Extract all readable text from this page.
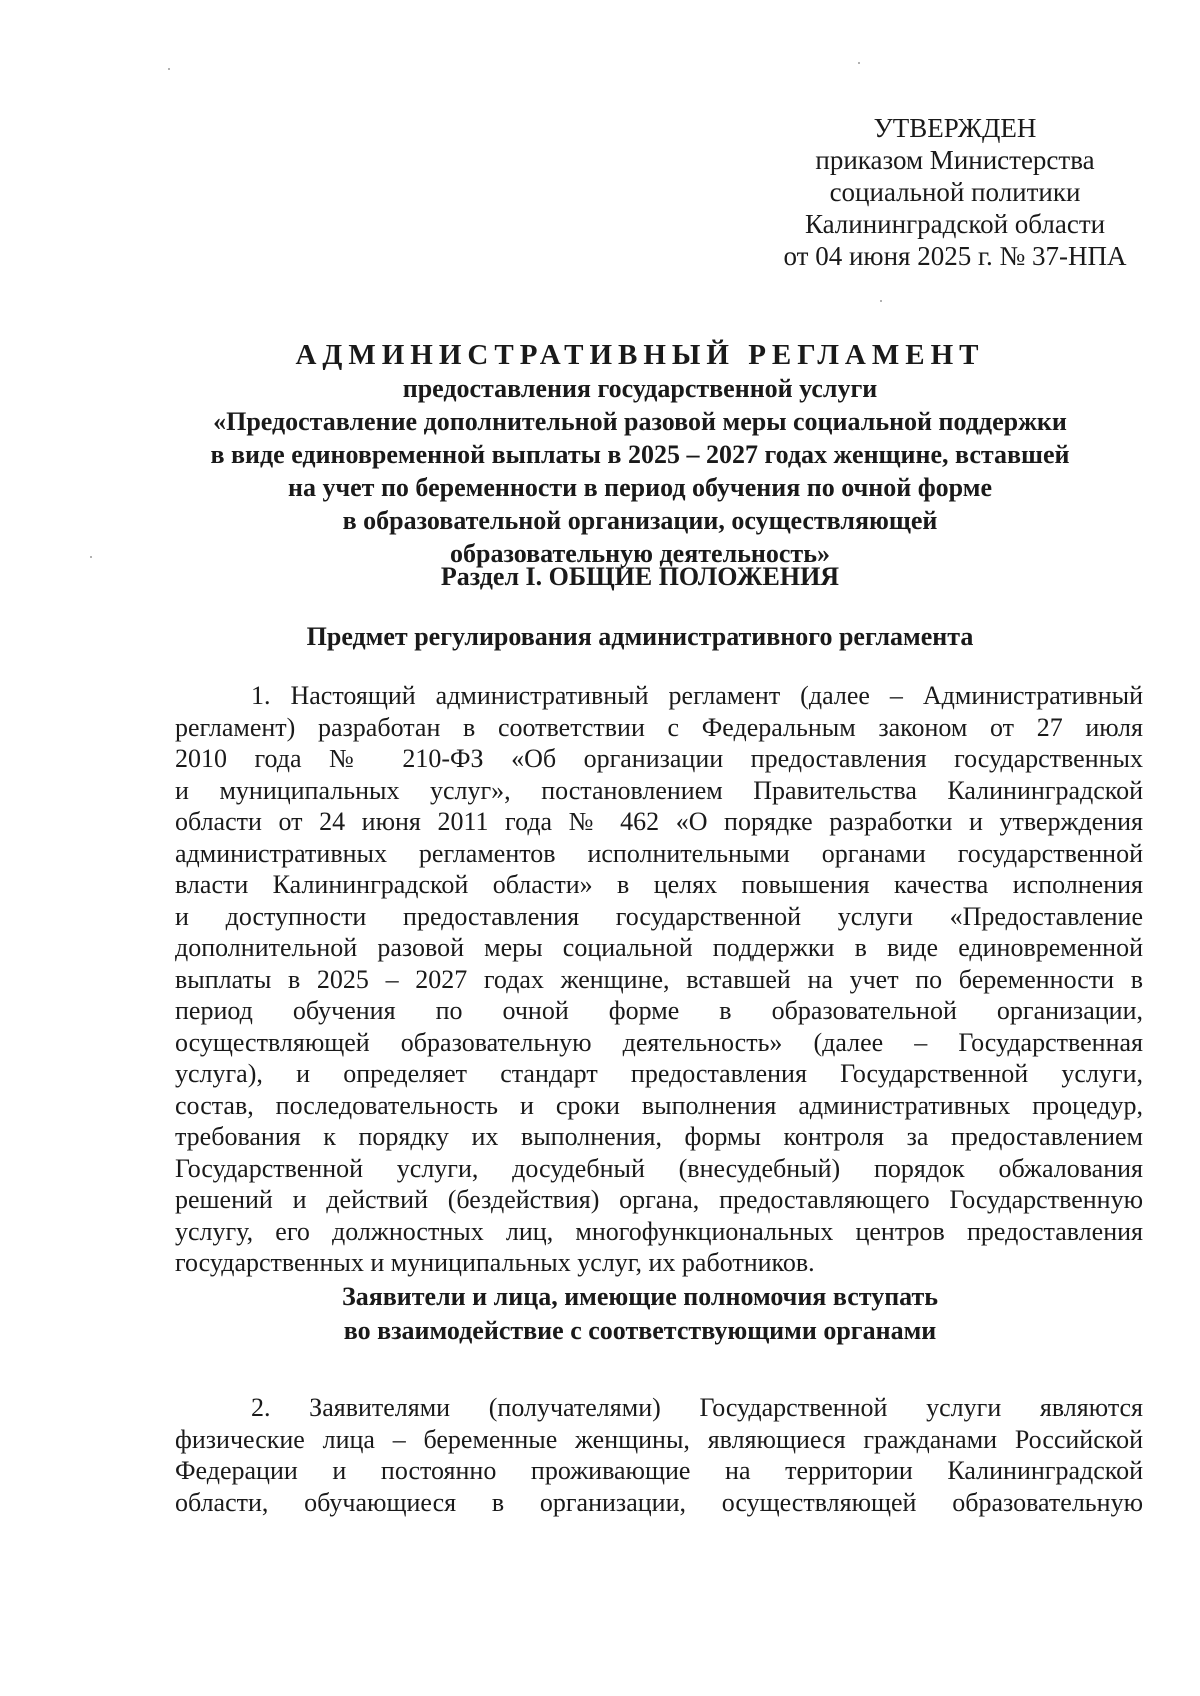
УТВЕРЖДЕН
приказом Министерства
социальной политики
Калининградской области
от 04 июня 2025 г. № 37-НПА
АДМИНИСТРАТИВНЫЙ РЕГЛАМЕНТ
предоставления государственной услуги
«Предоставление дополнительной разовой меры социальной поддержки
в виде единовременной выплаты в 2025 – 2027 годах женщине, вставшей
на учет по беременности в период обучения по очной форме
в образовательной организации, осуществляющей
образовательную деятельность»
Раздел I. ОБЩИЕ ПОЛОЖЕНИЯ
Предмет регулирования административного регламента
1. Настоящий административный регламент (далее – Административный
регламент) разработан в соответствии с Федеральным законом от 27 июля
2010 года № 210-ФЗ «Об организации предоставления государственных
и муниципальных услуг», постановлением Правительства Калининградской
области от 24 июня 2011 года № 462 «О порядке разработки и утверждения
административных регламентов исполнительными органами государственной
власти Калининградской области» в целях повышения качества исполнения
и доступности предоставления государственной услуги «Предоставление
дополнительной разовой меры социальной поддержки в виде единовременной
выплаты в 2025 – 2027 годах женщине, вставшей на учет по беременности в
период обучения по очной форме в образовательной организации,
осуществляющей образовательную деятельность» (далее – Государственная
услуга), и определяет стандарт предоставления Государственной услуги,
состав, последовательность и сроки выполнения административных процедур,
требования к порядку их выполнения, формы контроля за предоставлением
Государственной услуги, досудебный (внесудебный) порядок обжалования
решений и действий (бездействия) органа, предоставляющего Государственную
услугу, его должностных лиц, многофункциональных центров предоставления
государственных и муниципальных услуг, их работников.
Заявители и лица, имеющие полномочия вступать
во взаимодействие с соответствующими органами
2. Заявителями (получателями) Государственной услуги являются
физические лица – беременные женщины, являющиеся гражданами Российской
Федерации и постоянно проживающие на территории Калининградской
области, обучающиеся в организации, осуществляющей образовательную
